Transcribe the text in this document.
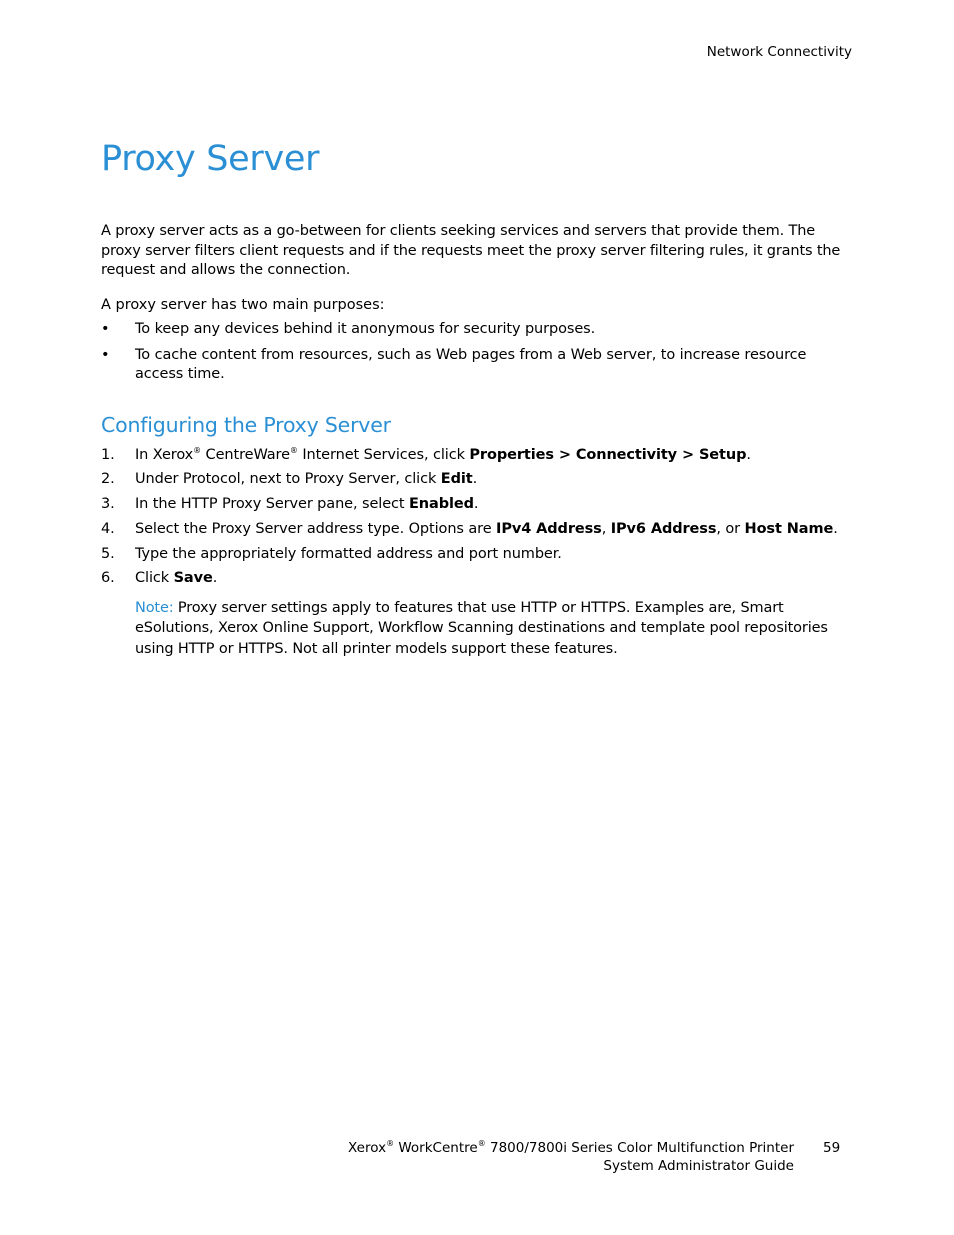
Network Connectivity
Proxy Server

A proxy server acts as a go-between for clients seeking services and servers that provide them. The proxy server filters client requests and if the requests meet the proxy server filtering rules, it grants the request and allows the connection.

A proxy server has two main purposes:

• To keep any devices behind it anonymous for security purposes.
• To cache content from resources, such as Web pages from a Web server, to increase resource access time.
Configuring the Proxy Server
1. In Xerox® CentreWare® Internet Services, click Properties > Connectivity > Setup.
2. Under Protocol, next to Proxy Server, click Edit.
3. In the HTTP Proxy Server pane, select Enabled.
4. Select the Proxy Server address type. Options are IPv4 Address, IPv6 Address, or Host Name.
5. Type the appropriately formatted address and port number.
6. Click Save.

Note: Proxy server settings apply to features that use HTTP or HTTPS. Examples are, Smart eSolutions, Xerox Online Support, Workflow Scanning destinations and template pool repositories using HTTP or HTTPS. Not all printer models support these features.

Xerox® WorkCentre® 7800/7800i Series Color Multifunction Printer
System Administrator Guide
59
